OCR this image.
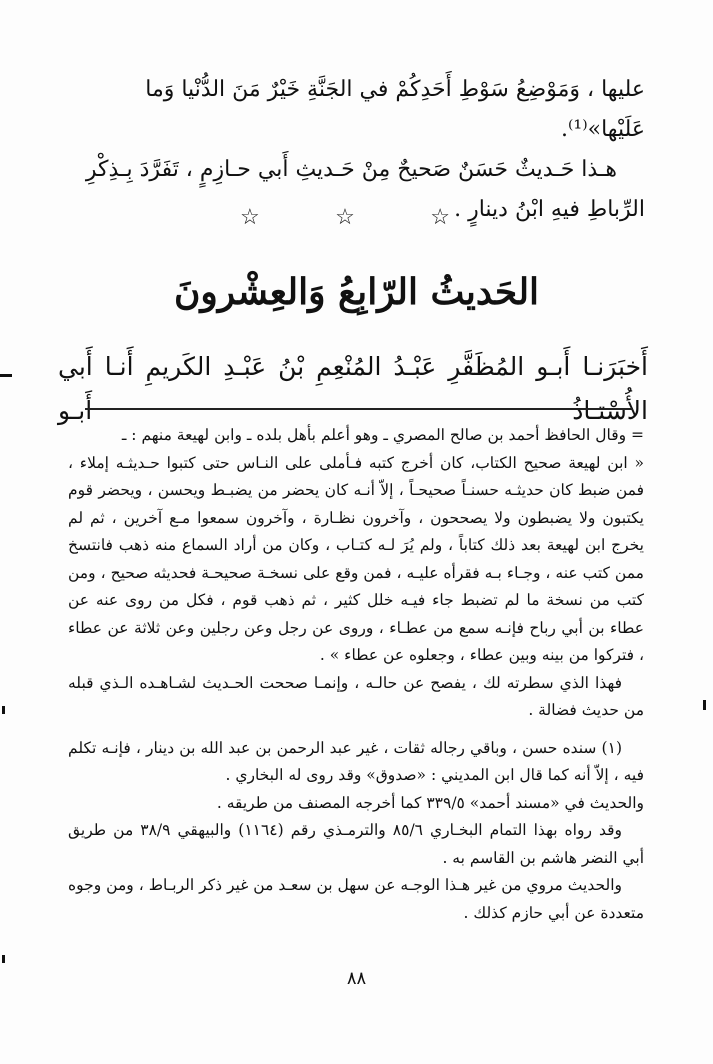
عليها ، وَمَوْضِعُ سَوْطِ أَحَدِكُمْ في الجَنَّةِ خَيْرٌ مَنَ الدُّنْيا وَما عَلَيْها»⁽¹⁾.

هـذا حَـديثٌ حَسَنٌ صَحيحٌ مِنْ حَـديثِ أَبي حـازِمٍ ، تَفَرَّدَ بِـذِكْرِ الرِّباطِ فيهِ ابْنُ دينارٍ .

☆	☆	☆
الحَديثُ الرّابِعُ وَالعِشْرونَ
أَخبَرَنـا أَبـو المُظَفَّرِ عَبْـدُ المُنْعِمِ بْنُ عَبْـدِ الكَريمِ أَنـا أَبي الأُسْتـاذُ أَبـو

= وقال الحافظ أحمد بن صالح المصري ـ وهو أعلم بأهل بلده ـ وابن لهيعة منهم : ـ

« ابن لهيعة صحيح الكتاب، كان أخرج كتبه فـأملى على النـاس حتى كتبوا حـديثـه إملاء ، فمن ضبط كان حديثـه حسنـاً صحيحـاً ، إلاّ أنـه كان يحضر من يضبـط ويحسن ، ويحضر قوم يكتبون ولا يضبطون ولا يصححون ، وآخرون نظـارة ، وآخرون سمعوا مـع آخرين ، ثم لم يخرج ابن لهيعة بعد ذلك كتاباً ، ولم يُرَ لـه كتـاب ، وكان من أراد السماع منه ذهب فانتسخ ممن كتب عنه ، وجـاء بـه فقرأه عليـه ، فمن وقع على نسخـة صحيحـة فحديثه صحيح ، ومن كتب من نسخة ما لم تضبط جاء فيـه خلل كثير ، ثم ذهب قوم ، فكل من روى عنه عن عطاء بن أبي رباح فإنـه سمع من عطـاء ، وروى عن رجل وعن رجلين وعن ثلاثة عن عطاء ، فتركوا من بينه وبين عطاء ، وجعلوه عن عطاء » .

فهذا الذي سطرته لك ، يفصح عن حالـه ، وإنمـا صححت الحـديث لشـاهـده الـذي قبله من حديث فضالة .

(١) سنده حسن ، وباقي رجاله ثقات ، غير عبد الرحمن بن عبد الله بن دينار ، فإنـه تكلم فيه ، إلاّ أنه كما قال ابن المديني : «صدوق» وقد روى له البخاري .

والحديث في «مسند أحمد» ٣٣٩/٥ كما أخرجه المصنف من طريقه .

وقد رواه بهذا التمام البخـاري ٨٥/٦ والترمـذي رقم (١١٦٤) والبيهقي ٣٨/٩ من طريق أبي النضر هاشم بن القاسم به .

والحديث مروي من غير هـذا الوجـه عن سهل بن سعـد من غير ذكر الربـاط ، ومن وجوه متعددة عن أبي حازم كذلك .

٨٨
